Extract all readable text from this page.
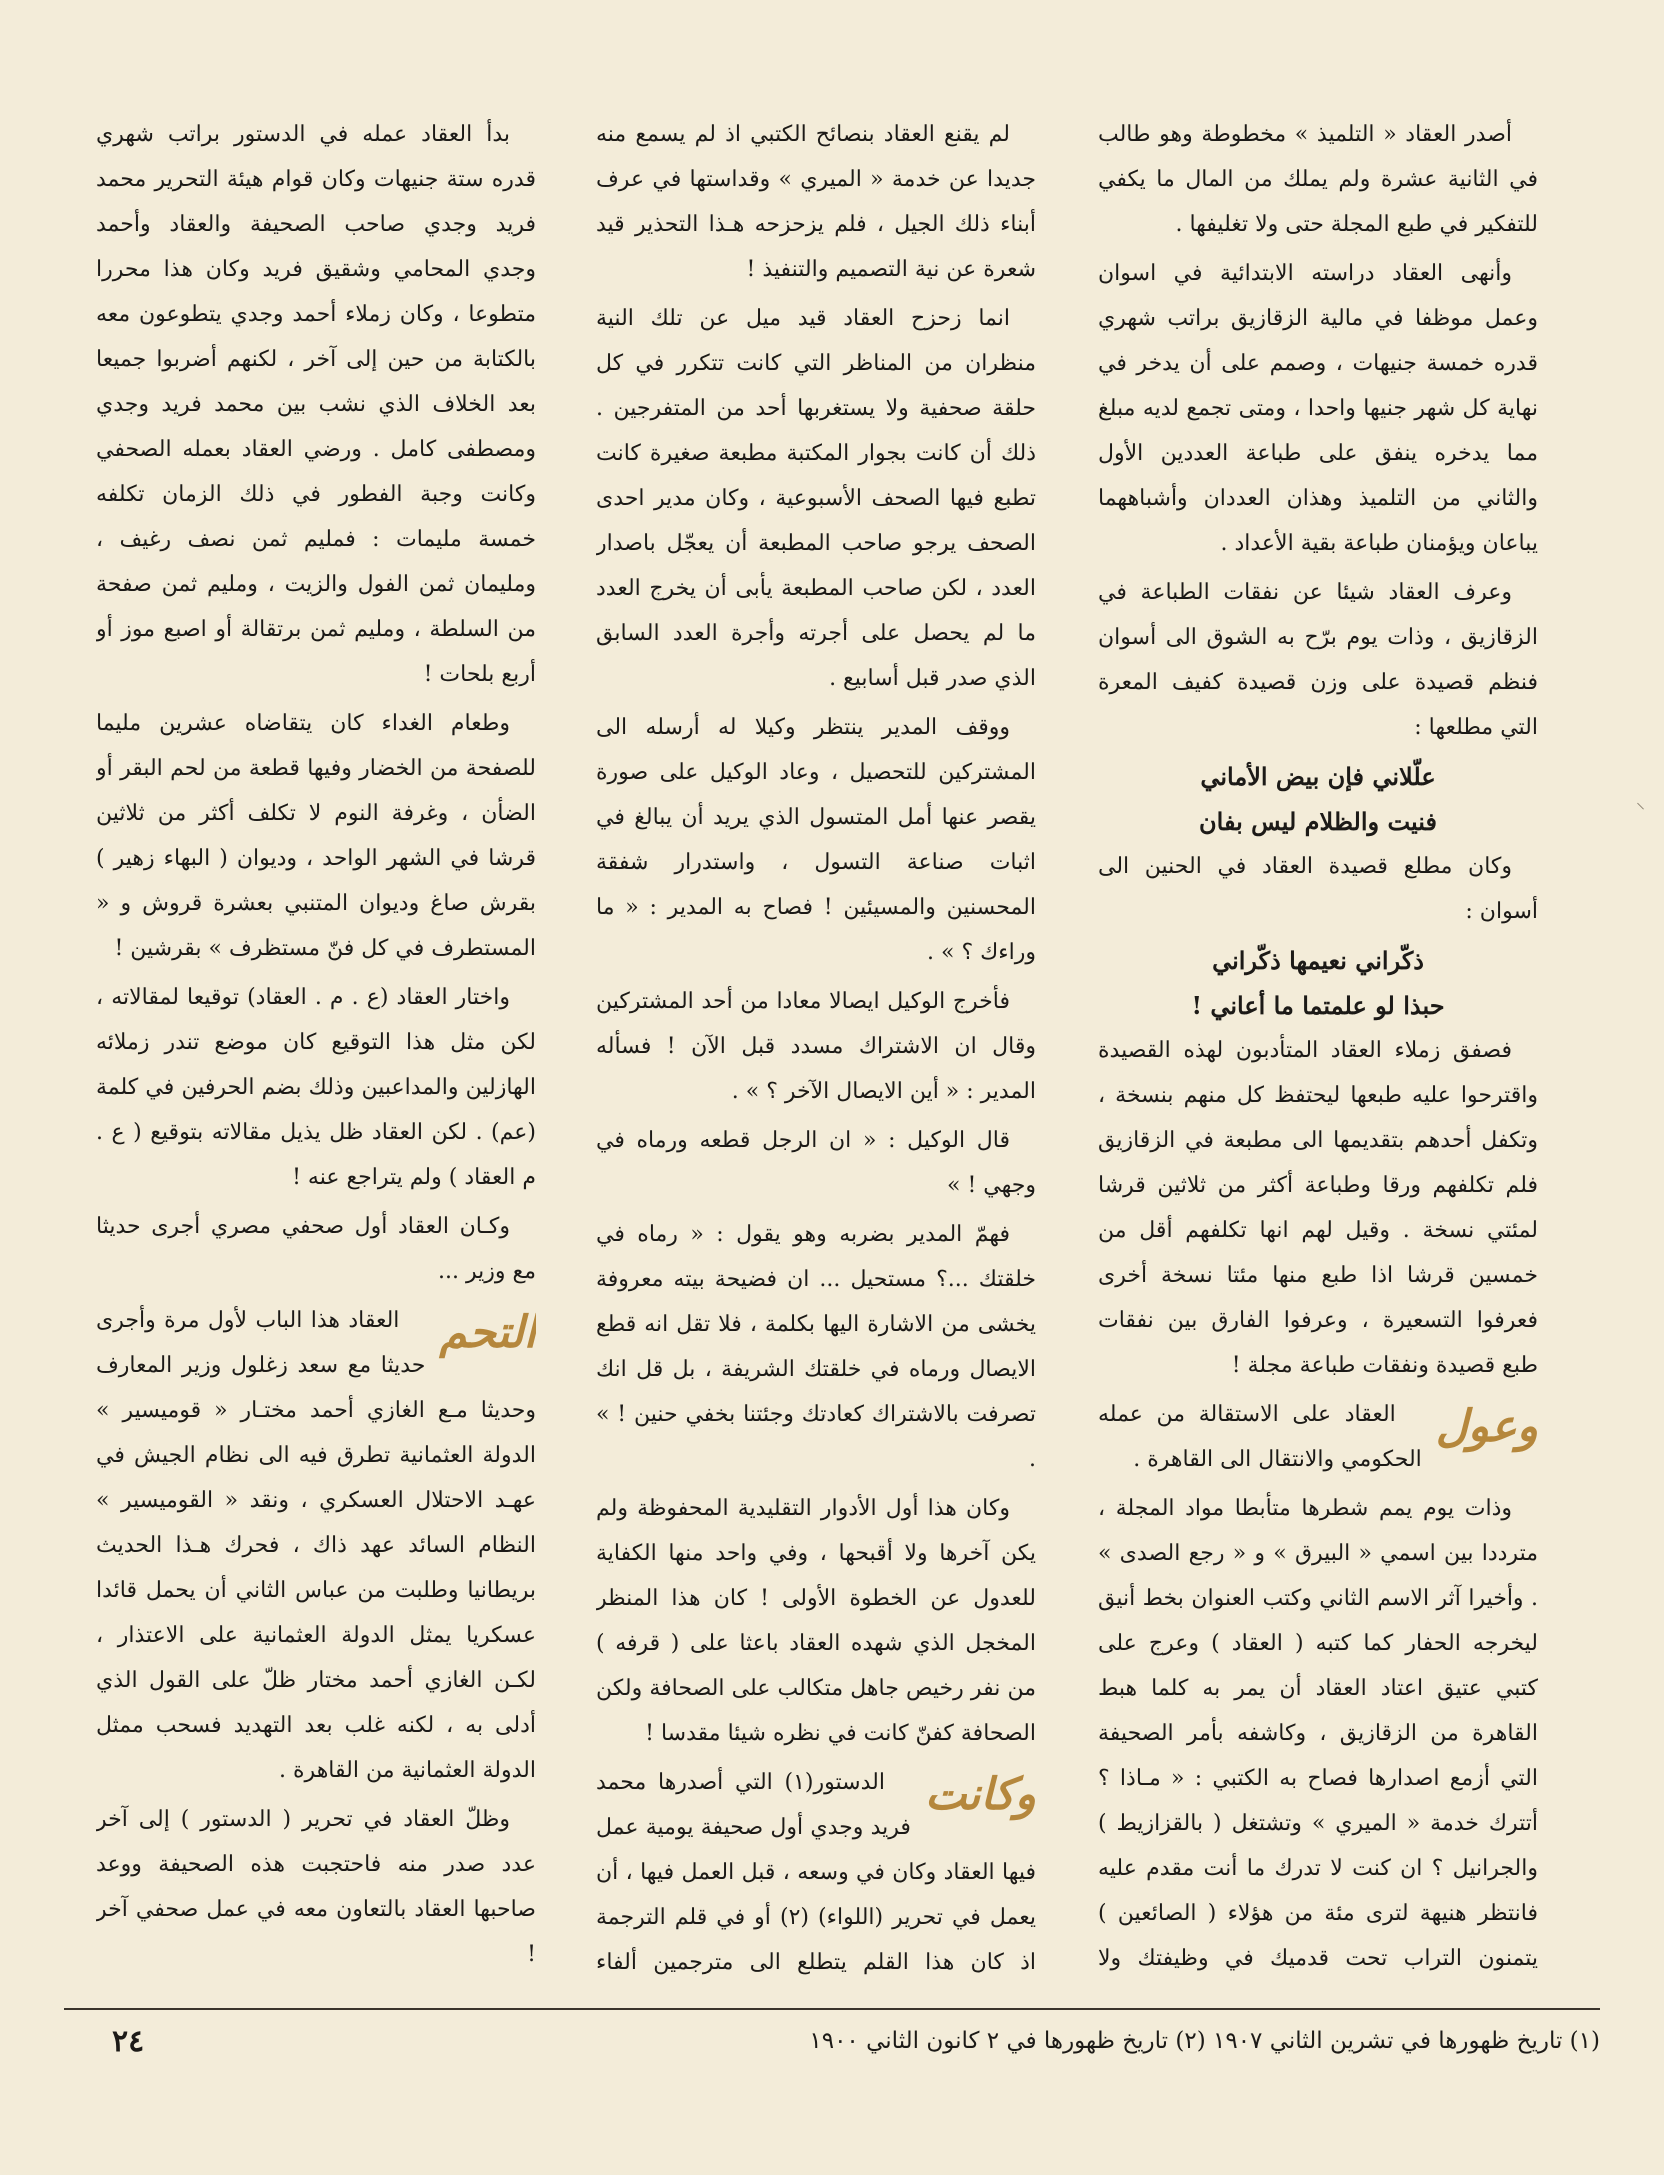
أصدر العقاد « التلميذ » مخطوطة وهو طالب في الثانية عشرة ولم يملك من المال ما يكفي للتفكير في طبع المجلة حتى ولا تغليفها .

وأنهى العقاد دراسته الابتدائية في اسوان وعمل موظفا في مالية الزقازيق براتب شهري قدره خمسة جنيهات ، وصمم على أن يدخر في نهاية كل شهر جنيها واحدا ، ومتى تجمع لديه مبلغ مما يدخره ينفق على طباعة العددين الأول والثاني من التلميذ وهذان العددان وأشباههما يباعان ويؤمنان طباعة بقية الأعداد .

وعرف العقاد شيئا عن نفقات الطباعة في الزقازيق ، وذات يوم برّح به الشوق الى أسوان فنظم قصيدة على وزن قصيدة كفيف المعرة التي مطلعها :

علّلاني فإن بيض الأماني

فنيت والظلام ليس بفان

وكان مطلع قصيدة العقاد في الحنين الى أسوان :

ذكّراني نعيمها ذكّراني

حبذا لو علمتما ما أعاني !

فصفق زملاء العقاد المتأدبون لهذه القصيدة واقترحوا عليه طبعها ليحتفظ كل منهم بنسخة ، وتكفل أحدهم بتقديمها الى مطبعة في الزقازيق فلم تكلفهم ورقا وطباعة أكثر من ثلاثين قرشا لمئتي نسخة . وقيل لهم انها تكلفهم أقل من خمسين قرشا اذا طبع منها مئتا نسخة أخرى فعرفوا التسعيرة ، وعرفوا الفارق بين نفقات طبع قصيدة ونفقات طباعة مجلة !

وعول

العقاد على الاستقالة من عمله الحكومي والانتقال الى القاهرة .

وذات يوم يمم شطرها متأبطا مواد المجلة ، مترددا بين اسمي « البيرق » و « رجع الصدى » . وأخيرا آثر الاسم الثاني وكتب العنوان بخط أنيق ليخرجه الحفار كما كتبه ( العقاد ) وعرج على كتبي عتيق اعتاد العقاد أن يمر به كلما هبط القاهرة من الزقازيق ، وكاشفه بأمر الصحيفة التي أزمع اصدارها فصاح به الكتبي : « مـاذا ؟ أتترك خدمة « الميري » وتشتغل ( بالقزازيط ) والجرانيل ؟ ان كنت لا تدرك ما أنت مقدم عليه فانتظر هنيهة لترى مئة من هؤلاء ( الصائعين ) يتمنون التراب تحت قدميك في وظيفتك ولا

لم يقنع العقاد بنصائح الكتبي اذ لم يسمع منه جديدا عن خدمة « الميري » وقداستها في عرف أبناء ذلك الجيل ، فلم يزحزحه هـذا التحذير قيد شعرة عن نية التصميم والتنفيذ !

انما زحزح العقاد قيد ميل عن تلك النية منظران من المناظر التي كانت تتكرر في كل حلقة صحفية ولا يستغربها أحد من المتفرجين . ذلك أن كانت بجوار المكتبة مطبعة صغيرة كانت تطبع فيها الصحف الأسبوعية ، وكان مدير احدى الصحف يرجو صاحب المطبعة أن يعجّل باصدار العدد ، لكن صاحب المطبعة يأبى أن يخرج العدد ما لم يحصل على أجرته وأجرة العدد السابق الذي صدر قبل أسابيع .

ووقف المدير ينتظر وكيلا له أرسله الى المشتركين للتحصيل ، وعاد الوكيل على صورة يقصر عنها أمل المتسول الذي يريد أن يبالغ في اثبات صناعة التسول ، واستدرار شفقة المحسنين والمسيئين ! فصاح به المدير : « ما وراءك ؟ » .

فأخرج الوكيل ايصالا معادا من أحد المشتركين وقال ان الاشتراك مسدد قبل الآن ! فسأله المدير : « أين الايصال الآخر ؟ » .

قال الوكيل : « ان الرجل قطعه ورماه في وجهي ! »

فهمّ المدير بضربه وهو يقول : « رماه في خلقتك ...؟ مستحيل ... ان فضيحة بيته معروفة يخشى من الاشارة اليها بكلمة ، فلا تقل انه قطع الايصال ورماه في خلقتك الشريفة ، بل قل انك تصرفت بالاشتراك كعادتك وجئتنا بخفي حنين ! » .

وكان هذا أول الأدوار التقليدية المحفوظة ولم يكن آخرها ولا أقبحها ، وفي واحد منها الكفاية للعدول عن الخطوة الأولى ! كان هذا المنظر المخجل الذي شهده العقاد باعثا على ( قرفه ) من نفر رخيص جاهل متكالب على الصحافة ولكن الصحافة كفنّ كانت في نظره شيئا مقدسا !

وكانت

الدستور(١) التي أصدرها محمد فريد وجدي أول صحيفة يومية عمل فيها العقاد وكان في وسعه ، قبل العمل فيها ، أن يعمل في تحرير (اللواء) (٢) أو في قلم الترجمة اذ كان هذا القلم يتطلع الى مترجمين ألفاء

بدأ العقاد عمله في الدستور براتب شهري قدره ستة جنيهات وكان قوام هيئة التحرير محمد فريد وجدي صاحب الصحيفة والعقاد وأحمد وجدي المحامي وشقيق فريد وكان هذا محررا متطوعا ، وكان زملاء أحمد وجدي يتطوعون معه بالكتابة من حين إلى آخر ، لكنهم أضربوا جميعا بعد الخلاف الذي نشب بين محمد فريد وجدي ومصطفى كامل . ورضي العقاد بعمله الصحفي وكانت وجبة الفطور في ذلك الزمان تكلفه خمسة مليمات : فمليم ثمن نصف رغيف ، ومليمان ثمن الفول والزيت ، ومليم ثمن صفحة من السلطة ، ومليم ثمن برتقالة أو اصبع موز أو أربع بلحات !

وطعام الغداء كان يتقاضاه عشرين مليما للصفحة من الخضار وفيها قطعة من لحم البقر أو الضأن ، وغرفة النوم لا تكلف أكثر من ثلاثين قرشا في الشهر الواحد ، وديوان ( البهاء زهير ) بقرش صاغ وديوان المتنبي بعشرة قروش و « المستطرف في كل فنّ مستظرف » بقرشين !

واختار العقاد (ع . م . العقاد) توقيعا لمقالاته ، لكن مثل هذا التوقيع كان موضع تندر زملائه الهازلين والمداعبين وذلك بضم الحرفين في كلمة (عم) . لكن العقاد ظل يذيل مقالاته بتوقيع ( ع . م العقاد ) ولم يتراجع عنه !

وكـان العقاد أول صحفي مصري أجرى حديثا مع وزير ...

التحم

العقاد هذا الباب لأول مرة وأجرى حديثا مع سعد زغلول وزير المعارف وحديثا مـع الغازي أحمد مختـار « قوميسير » الدولة العثمانية تطرق فيه الى نظام الجيش في عهـد الاحتلال العسكري ، ونقد « القوميسير » النظام السائد عهد ذاك ، فحرك هـذا الحديث بريطانيا وطلبت من عباس الثاني أن يحمل قائدا عسكريا يمثل الدولة العثمانية على الاعتذار ، لكـن الغازي أحمد مختار ظلّ على القول الذي أدلى به ، لكنه غلب بعد التهديد فسحب ممثل الدولة العثمانية من القاهرة .

وظلّ العقاد في تحرير ( الدستور ) إلى آخر عدد صدر منه فاحتجبت هذه الصحيفة ووعد صاحبها العقاد بالتعاون معه في عمل صحفي آخر !

(١) تاريخ ظهورها في تشرين الثاني ١٩٠٧ (٢) تاريخ ظهورها في ٢ كانون الثاني ١٩٠٠
٢٤
⸝
